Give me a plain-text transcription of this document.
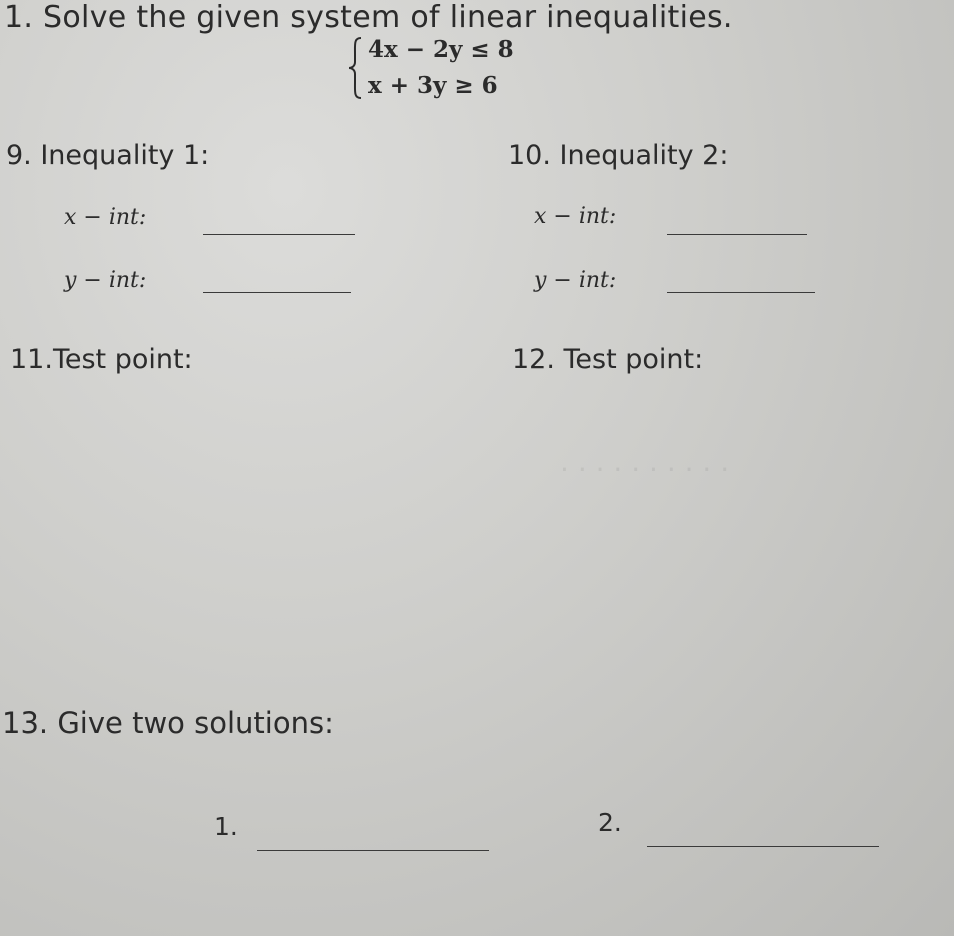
. . . . . . . . . .
1. Solve the given system of linear inequalities.
4x − 2y ≤ 8
x + 3y ≥ 6
9. Inequality 1:
x − int:
y − int:
10. Inequality 2:
x − int:
y − int:
11.Test point:	12. Test point:
13. Give two solutions:
1.	2.
